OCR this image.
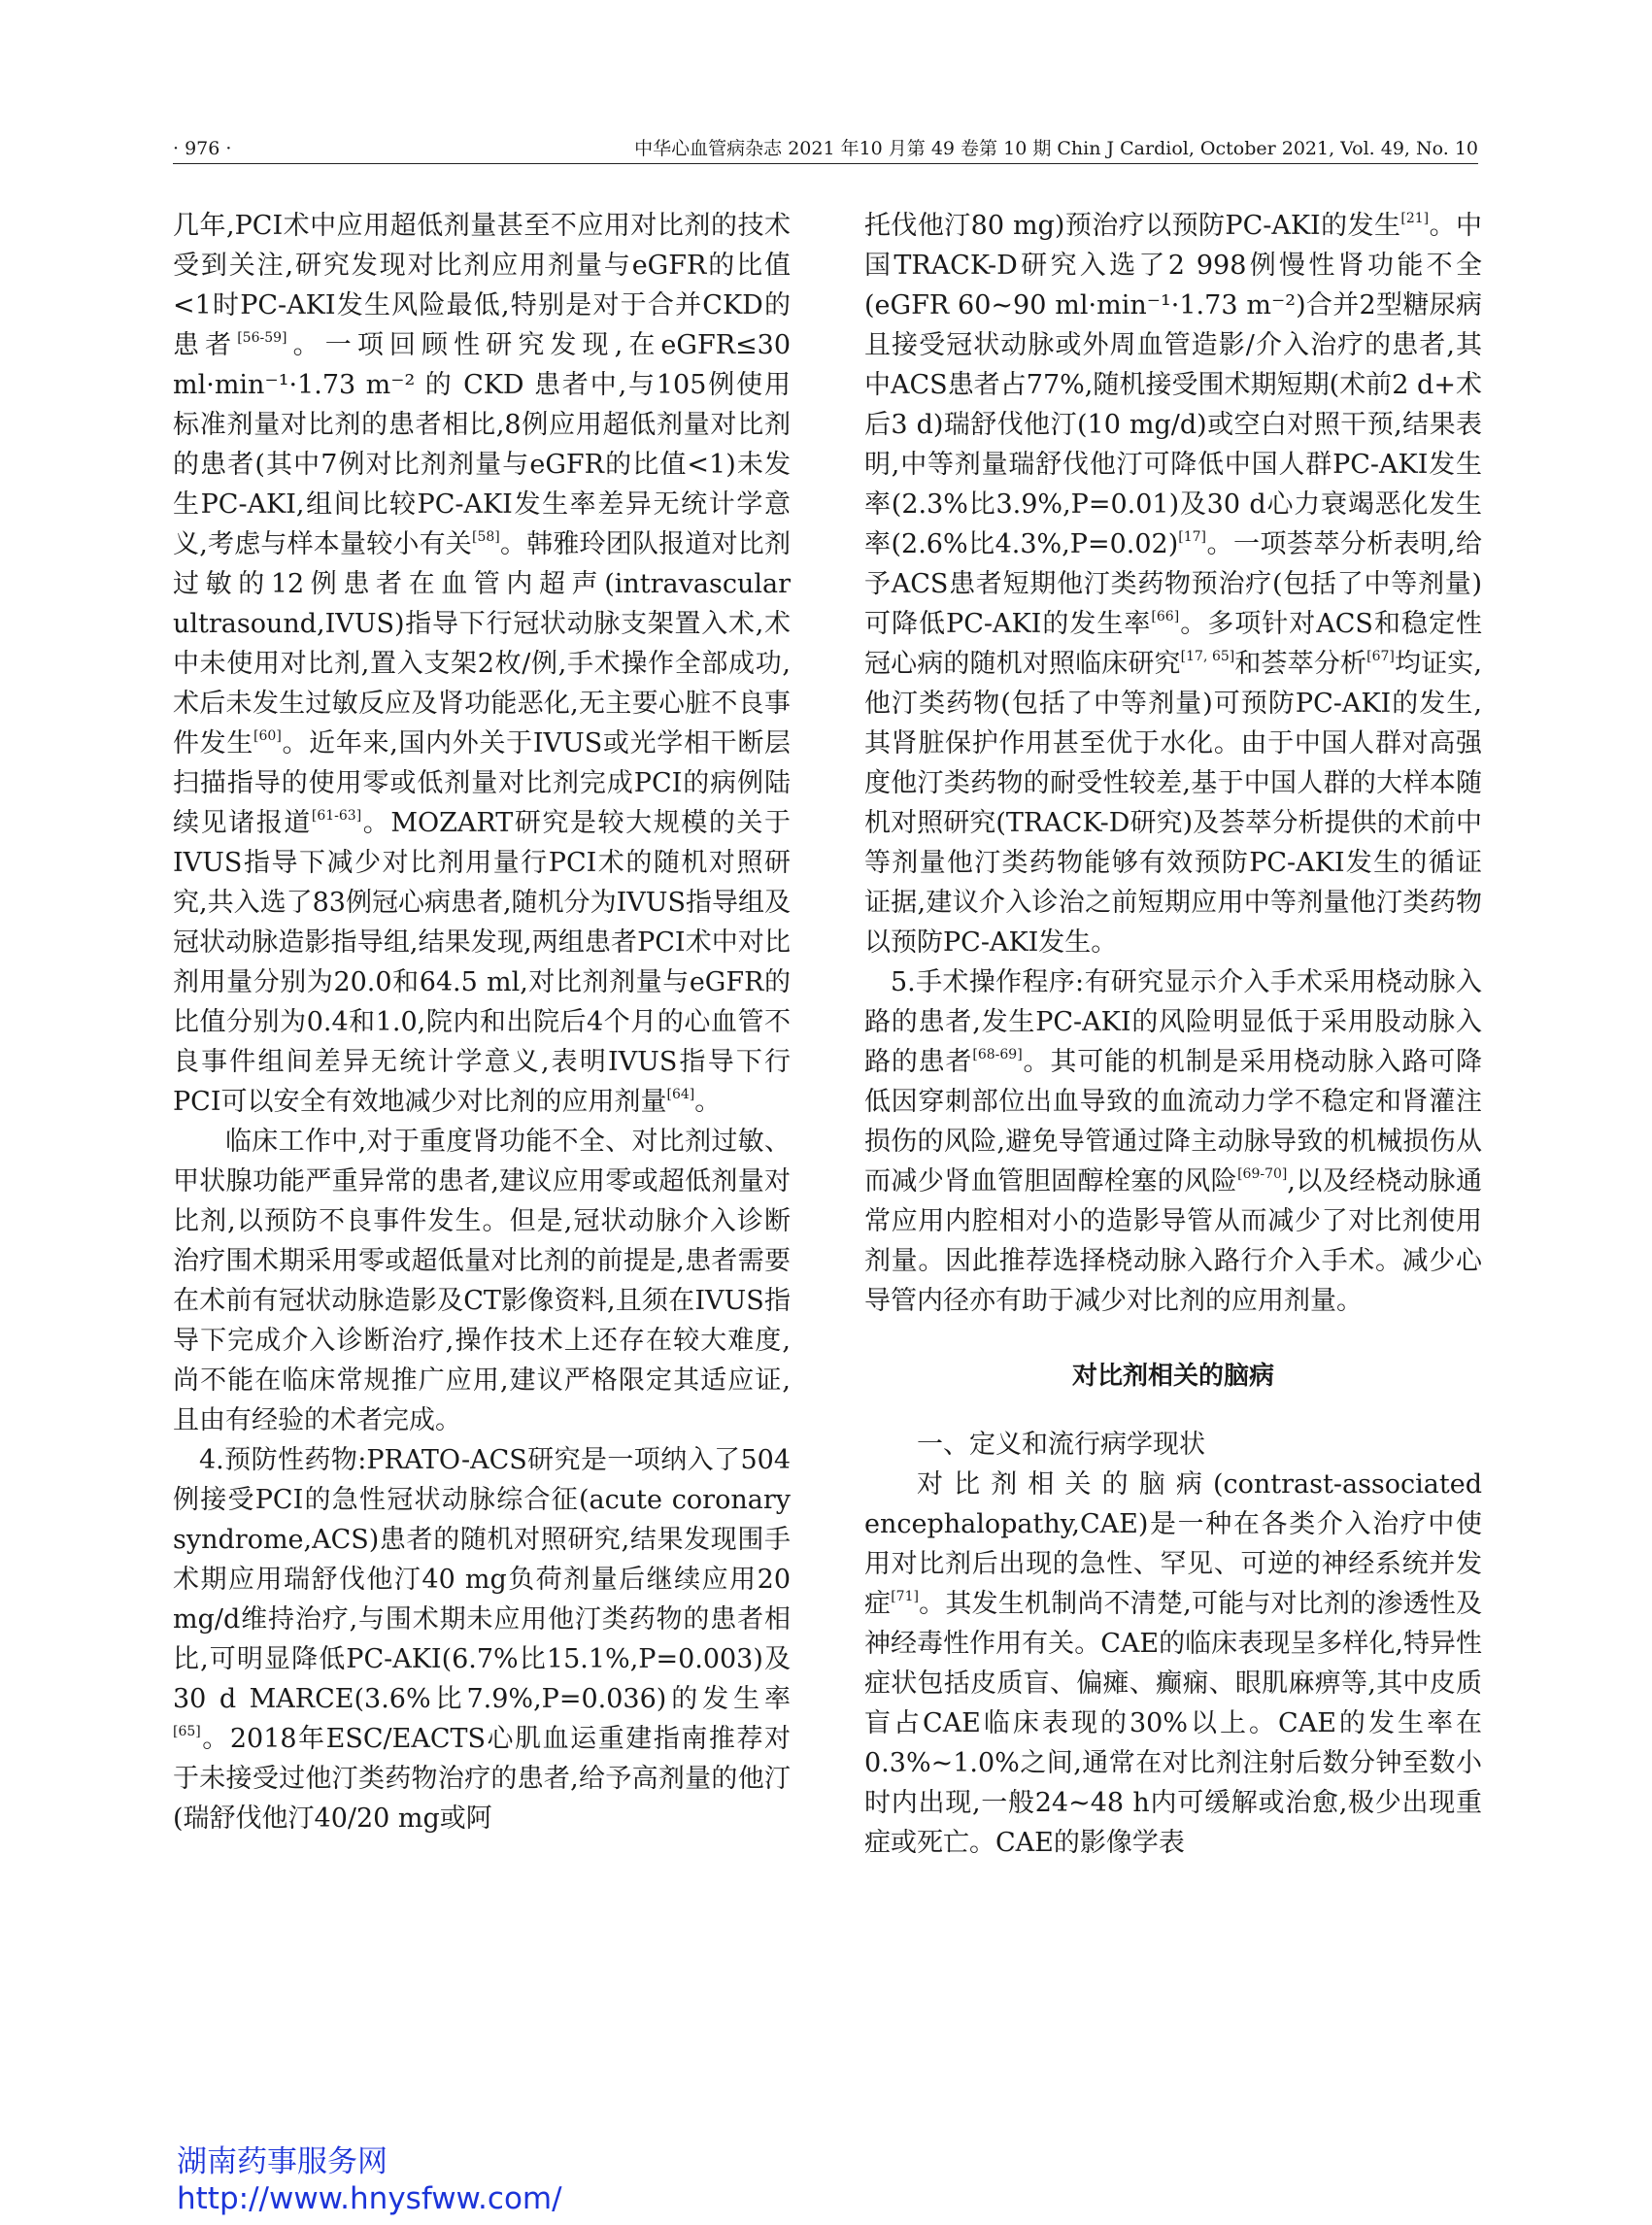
· 976 ·	中华心血管病杂志 2021 年10 月第 49 卷第 10 期 Chin J Cardiol, October 2021, Vol. 49, No. 10

几年,PCI术中应用超低剂量甚至不应用对比剂的技术受到关注,研究发现对比剂应用剂量与eGFR的比值<1时PC-AKI发生风险最低,特别是对于合并CKD的患者[56-59]。一项回顾性研究发现,在eGFR≤30 ml·min⁻¹·1.73 m⁻² 的 CKD 患者中,与105例使用标准剂量对比剂的患者相比,8例应用超低剂量对比剂的患者(其中7例对比剂剂量与eGFR的比值<1)未发生PC-AKI,组间比较PC-AKI发生率差异无统计学意义,考虑与样本量较小有关[58]。韩雅玲团队报道对比剂过敏的12例患者在血管内超声(intravascular ultrasound,IVUS)指导下行冠状动脉支架置入术,术中未使用对比剂,置入支架2枚/例,手术操作全部成功,术后未发生过敏反应及肾功能恶化,无主要心脏不良事件发生[60]。近年来,国内外关于IVUS或光学相干断层扫描指导的使用零或低剂量对比剂完成PCI的病例陆续见诸报道[61-63]。MOZART研究是较大规模的关于IVUS指导下减少对比剂用量行PCI术的随机对照研究,共入选了83例冠心病患者,随机分为IVUS指导组及冠状动脉造影指导组,结果发现,两组患者PCI术中对比剂用量分别为20.0和64.5 ml,对比剂剂量与eGFR的比值分别为0.4和1.0,院内和出院后4个月的心血管不良事件组间差异无统计学意义,表明IVUS指导下行PCI可以安全有效地减少对比剂的应用剂量[64]。

临床工作中,对于重度肾功能不全、对比剂过敏、甲状腺功能严重异常的患者,建议应用零或超低剂量对比剂,以预防不良事件发生。但是,冠状动脉介入诊断治疗围术期采用零或超低量对比剂的前提是,患者需要在术前有冠状动脉造影及CT影像资料,且须在IVUS指导下完成介入诊断治疗,操作技术上还存在较大难度,尚不能在临床常规推广应用,建议严格限定其适应证,且由有经验的术者完成。

4.预防性药物:PRATO-ACS研究是一项纳入了504例接受PCI的急性冠状动脉综合征(acute coronary syndrome,ACS)患者的随机对照研究,结果发现围手术期应用瑞舒伐他汀40 mg负荷剂量后继续应用20 mg/d维持治疗,与围术期未应用他汀类药物的患者相比,可明显降低PC-AKI(6.7%比15.1%,P=0.003)及30 d MARCE(3.6%比7.9%,P=0.036)的发生率[65]。2018年ESC/EACTS心肌血运重建指南推荐对于未接受过他汀类药物治疗的患者,给予高剂量的他汀(瑞舒伐他汀40/20 mg或阿

托伐他汀80 mg)预治疗以预防PC-AKI的发生[21]。中国TRACK-D研究入选了2 998例慢性肾功能不全(eGFR 60~90 ml·min⁻¹·1.73 m⁻²)合并2型糖尿病且接受冠状动脉或外周血管造影/介入治疗的患者,其中ACS患者占77%,随机接受围术期短期(术前2 d+术后3 d)瑞舒伐他汀(10 mg/d)或空白对照干预,结果表明,中等剂量瑞舒伐他汀可降低中国人群PC-AKI发生率(2.3%比3.9%,P=0.01)及30 d心力衰竭恶化发生率(2.6%比4.3%,P=0.02)[17]。一项荟萃分析表明,给予ACS患者短期他汀类药物预治疗(包括了中等剂量)可降低PC-AKI的发生率[66]。多项针对ACS和稳定性冠心病的随机对照临床研究[17, 65]和荟萃分析[67]均证实,他汀类药物(包括了中等剂量)可预防PC-AKI的发生,其肾脏保护作用甚至优于水化。由于中国人群对高强度他汀类药物的耐受性较差,基于中国人群的大样本随机对照研究(TRACK-D研究)及荟萃分析提供的术前中等剂量他汀类药物能够有效预防PC-AKI发生的循证证据,建议介入诊治之前短期应用中等剂量他汀类药物以预防PC-AKI发生。

5.手术操作程序:有研究显示介入手术采用桡动脉入路的患者,发生PC-AKI的风险明显低于采用股动脉入路的患者[68-69]。其可能的机制是采用桡动脉入路可降低因穿刺部位出血导致的血流动力学不稳定和肾灌注损伤的风险,避免导管通过降主动脉导致的机械损伤从而减少肾血管胆固醇栓塞的风险[69-70],以及经桡动脉通常应用内腔相对小的造影导管从而减少了对比剂使用剂量。因此推荐选择桡动脉入路行介入手术。减少心导管内径亦有助于减少对比剂的应用剂量。

对比剂相关的脑病
一、定义和流行病学现状

对比剂相关的脑病(contrast-associated encephalopathy,CAE)是一种在各类介入治疗中使用对比剂后出现的急性、罕见、可逆的神经系统并发症[71]。其发生机制尚不清楚,可能与对比剂的渗透性及神经毒性作用有关。CAE的临床表现呈多样化,特异性症状包括皮质盲、偏瘫、癫痫、眼肌麻痹等,其中皮质盲占CAE临床表现的30%以上。CAE的发生率在0.3%~1.0%之间,通常在对比剂注射后数分钟至数小时内出现,一般24~48 h内可缓解或治愈,极少出现重症或死亡。CAE的影像学表

湖南药事服务网
http://www.hnysfww.com/
